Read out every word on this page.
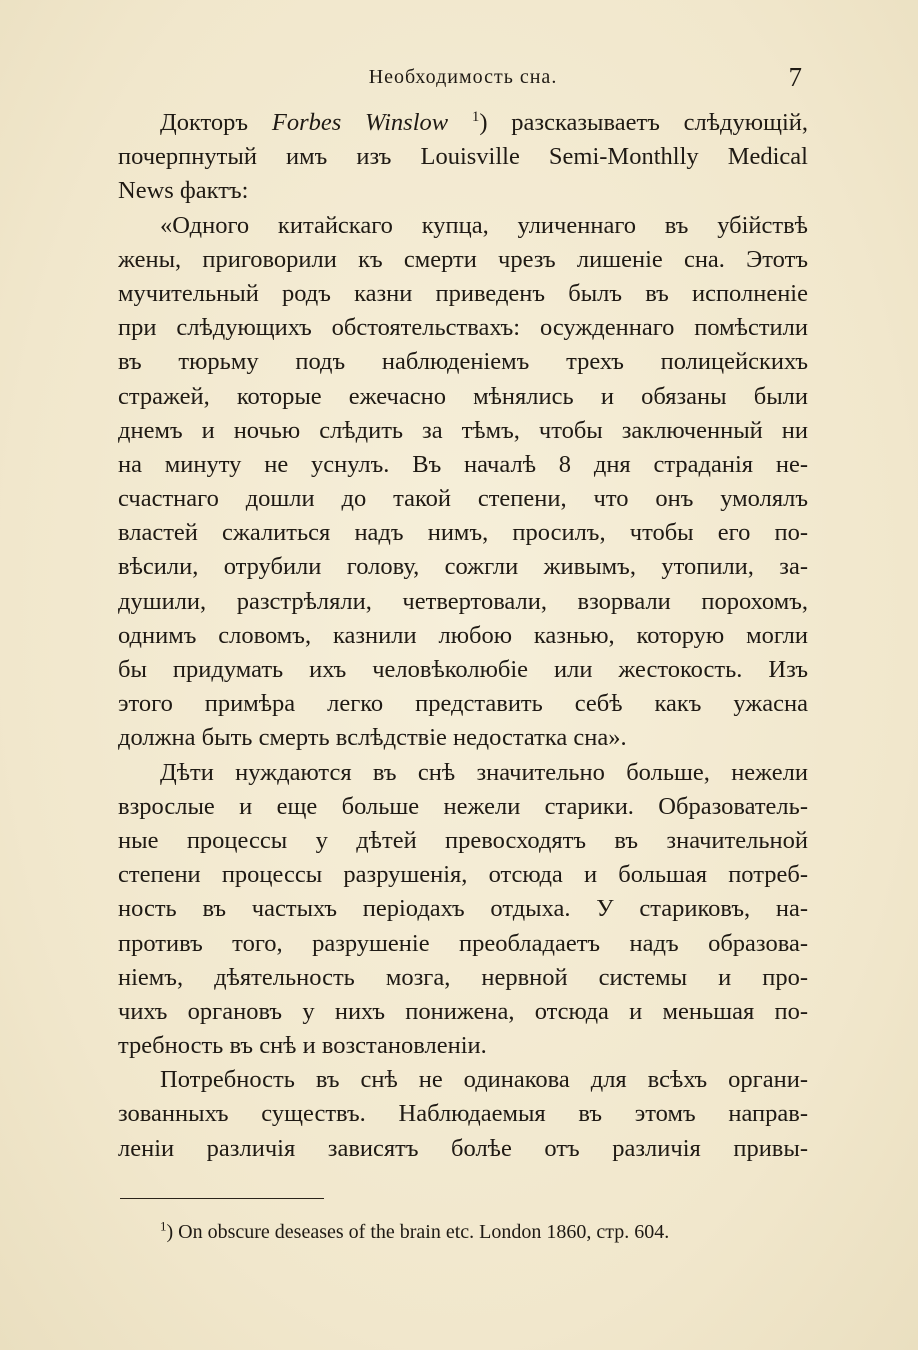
Необходимость сна.	7
Докторъ Forbes Winslow $^1$) разсказываетъ слѣдующій,
почерпнутый имъ изъ Louisville Semi-Monthlly Medical
News фактъ:
«Одного китайскаго купца, уличеннаго въ убійствѣ
жены, приговорили къ смерти чрезъ лишеніе сна. Этотъ
мучительный родъ казни приведенъ былъ въ исполненіе
при слѣдующихъ обстоятельствахъ: осужденнаго помѣстили
въ тюрьму подъ наблюденіемъ трехъ полицейскихъ
стражей, которые ежечасно мѣнялись и обязаны были
днемъ и ночью слѣдить за тѣмъ, чтобы заключенный ни
на минуту не уснулъ. Въ началѣ 8 дня страданія не-
счастнаго дошли до такой степени, что онъ умолялъ
властей сжалиться надъ нимъ, просилъ, чтобы его по-
вѣсили, отрубили голову, сожгли живымъ, утопили, за-
душили, разстрѣляли, четвертовали, взорвали порохомъ,
однимъ словомъ, казнили любою казнью, которую могли
бы придумать ихъ человѣколюбіе или жестокость. Изъ
этого примѣра легко представить себѣ какъ ужасна
должна быть смерть вслѣдствіе недостатка сна».
Дѣти нуждаются въ снѣ значительно больше, нежели
взрослые и еще больше нежели старики. Образователь-
ные процессы у дѣтей превосходятъ въ значительной
степени процессы разрушенія, отсюда и большая потреб-
ность въ частыхъ періодахъ отдыха. У стариковъ, на-
противъ того, разрушеніе преобладаетъ надъ образова-
ніемъ, дѣятельность мозга, нервной системы и про-
чихъ органовъ у нихъ понижена, отсюда и меньшая по-
требность въ снѣ и возстановленіи.
Потребность въ снѣ не одинакова для всѣхъ органи-
зованныхъ существъ. Наблюдаемыя въ этомъ направ-
леніи различія зависятъ болѣе отъ различія привы-
$^1$) On obscure deseases of the brain etc. London 1860, стр. 604.
